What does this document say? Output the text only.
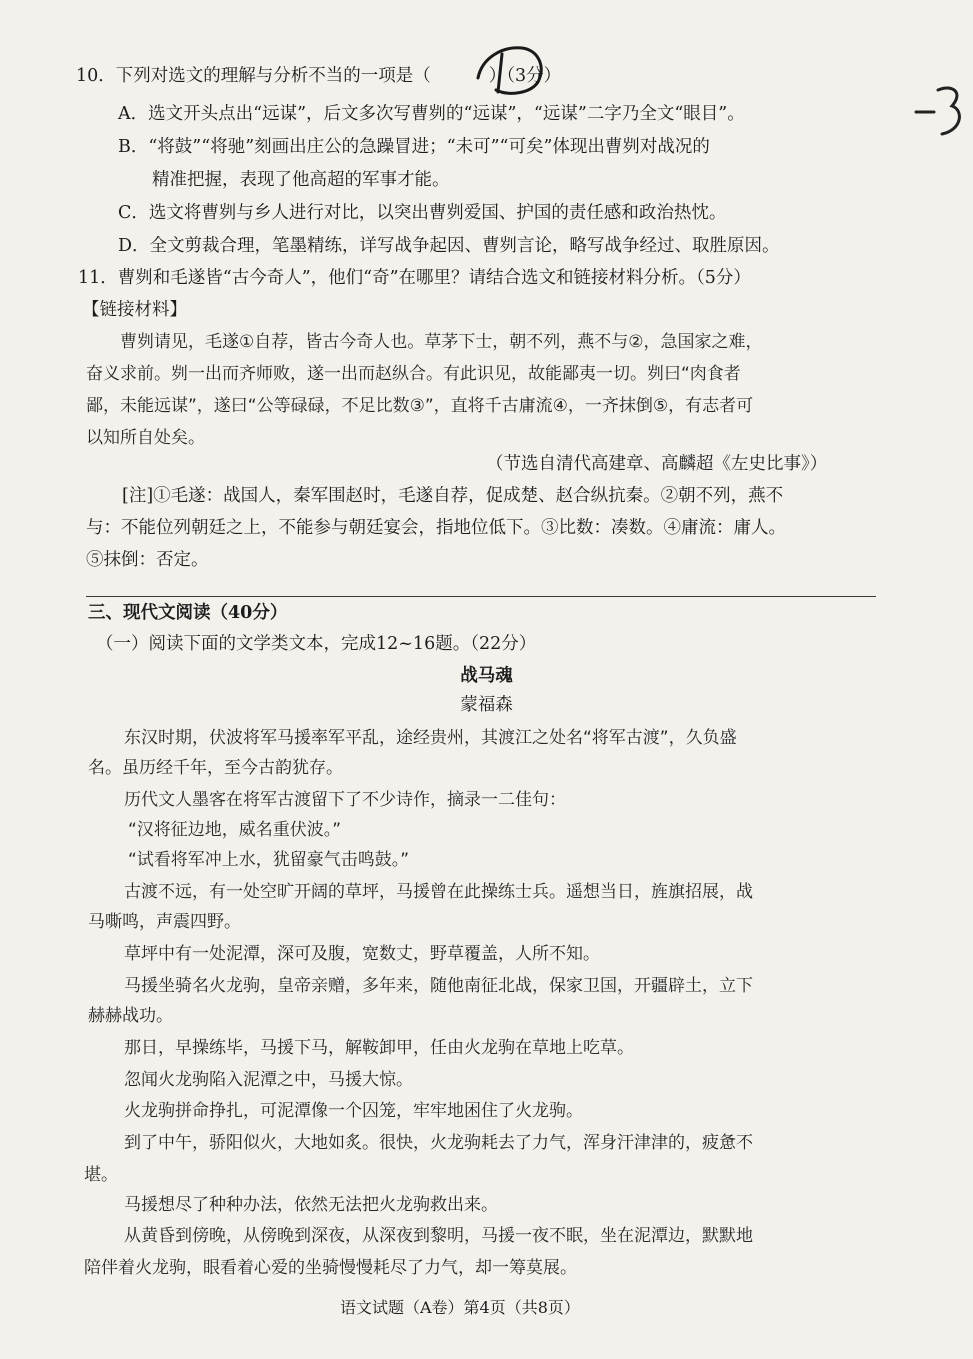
10．下列对选文的理解与分析不当的一项是（	）（3分）
A．选文开头点出“远谋”，后文多次写曹刿的“远谋”，“远谋”二字乃全文“眼目”。
B．“将鼓”“将驰”刻画出庄公的急躁冒进；“未可”“可矣”体现出曹刿对战况的
精准把握，表现了他高超的军事才能。
C．选文将曹刿与乡人进行对比，以突出曹刿爱国、护国的责任感和政治热忱。
D．全文剪裁合理，笔墨精练，详写战争起因、曹刿言论，略写战争经过、取胜原因。
11．曹刿和毛遂皆“古今奇人”，他们“奇”在哪里？请结合选文和链接材料分析。（5分）
【链接材料】
曹刿请见，毛遂①自荐，皆古今奇人也。草茅下士，朝不列，燕不与②，急国家之难，
奋义求前。刿一出而齐师败，遂一出而赵纵合。有此识见，故能鄙夷一切。刿曰“肉食者
鄙，未能远谋”，遂曰“公等碌碌，不足比数③”，直将千古庸流④，一齐抹倒⑤，有志者可
以知所自处矣。
（节选自清代高建章、高麟超《左史比事》）
[注]①毛遂：战国人，秦军围赵时，毛遂自荐，促成楚、赵合纵抗秦。②朝不列，燕不
与：不能位列朝廷之上，不能参与朝廷宴会，指地位低下。③比数：凑数。④庸流：庸人。
⑤抹倒：否定。
三、现代文阅读（40分）
（一）阅读下面的文学类文本，完成12~16题。（22分）
战马魂
蒙福森
东汉时期，伏波将军马援率军平乱，途经贵州，其渡江之处名“将军古渡”，久负盛
名。虽历经千年，至今古韵犹存。
历代文人墨客在将军古渡留下了不少诗作，摘录一二佳句：
“汉将征边地，威名重伏波。”
“试看将军冲上水，犹留豪气击鸣鼓。”
古渡不远，有一处空旷开阔的草坪，马援曾在此操练士兵。遥想当日，旌旗招展，战
马嘶鸣，声震四野。
草坪中有一处泥潭，深可及腹，宽数丈，野草覆盖，人所不知。
马援坐骑名火龙驹，皇帝亲赠，多年来，随他南征北战，保家卫国，开疆辟土，立下
赫赫战功。
那日，早操练毕，马援下马，解鞍卸甲，任由火龙驹在草地上吃草。
忽闻火龙驹陷入泥潭之中，马援大惊。
火龙驹拼命挣扎，可泥潭像一个囚笼，牢牢地困住了火龙驹。
到了中午，骄阳似火，大地如炙。很快，火龙驹耗去了力气，浑身汗津津的，疲惫不
堪。
马援想尽了种种办法，依然无法把火龙驹救出来。
从黄昏到傍晚，从傍晚到深夜，从深夜到黎明，马援一夜不眠，坐在泥潭边，默默地
陪伴着火龙驹，眼看着心爱的坐骑慢慢耗尽了力气，却一筹莫展。
语文试题（A卷）第4页（共8页）
